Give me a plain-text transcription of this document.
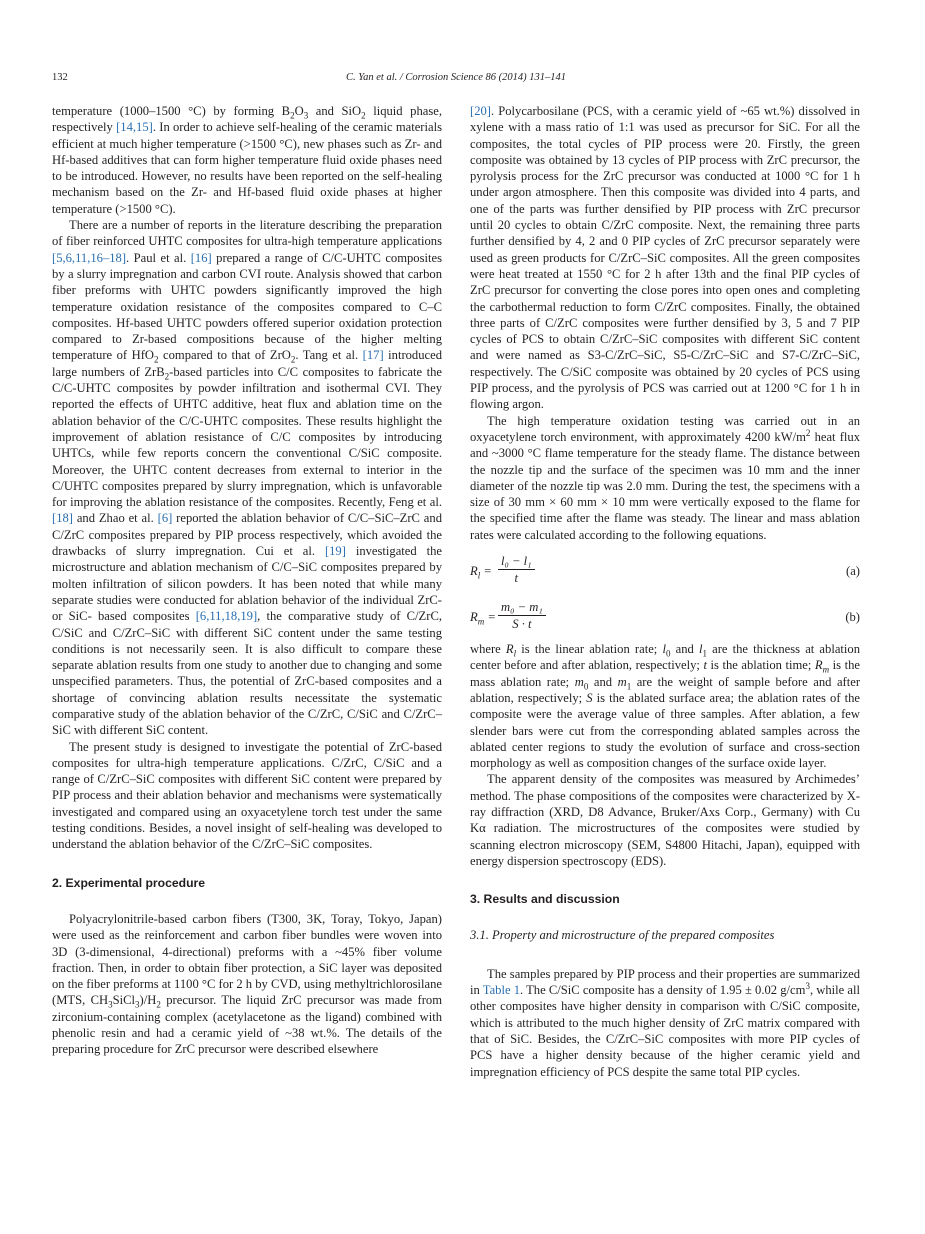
132	C. Yan et al. / Corrosion Science 86 (2014) 131–141

temperature (1000–1500 °C) by forming $B_2O_3$ and SiO$_2$ liquid phase, respectively [14,15]. In order to achieve self-healing of the ceramic materials efficient at much higher temperature (>1500 °C), new phases such as Zr- and Hf-based additives that can form higher temperature fluid oxide phases need to be introduced. However, no results have been reported on the self-healing mechanism based on the Zr- and Hf-based fluid oxide phases at higher temperature (>1500 °C).

There are a number of reports in the literature describing the preparation of fiber reinforced UHTC composites for ultra-high temperature applications [5,6,11,16–18]. Paul et al. [16] prepared a range of C/C-UHTC composites by a slurry impregnation and carbon CVI route. Analysis showed that carbon fiber preforms with UHTC powders significantly improved the high temperature oxidation resistance of the composites compared to C–C composites. Hf-based UHTC powders offered superior oxidation protection compared to Zr-based compositions because of the higher melting temperature of HfO$_2$ compared to that of ZrO$_2$. Tang et al. [17] introduced large numbers of ZrB$_2$-based particles into C/C composites to fabricate the C/C-UHTC composites by powder infiltration and isothermal CVI. They reported the effects of UHTC additive, heat flux and ablation time on the ablation behavior of the C/C-UHTC composites. These results highlight the improvement of ablation resistance of C/C composites by introducing UHTCs, while few reports concern the conventional C/SiC composite. Moreover, the UHTC content decreases from external to interior in the C/UHTC composites prepared by slurry impregnation, which is unfavorable for improving the ablation resistance of the composites. Recently, Feng et al. [18] and Zhao et al. [6] reported the ablation behavior of C/C–SiC–ZrC and C/ZrC composites prepared by PIP process respectively, which avoided the drawbacks of slurry impregnation. Cui et al. [19] investigated the microstructure and ablation mechanism of C/C–SiC composites prepared by molten infiltration of silicon powders. It has been noted that while many separate studies were conducted for ablation behavior of the individual ZrC- or SiC- based composites [6,11,18,19], the comparative study of C/ZrC, C/SiC and C/ZrC–SiC with different SiC content under the same testing conditions is not necessarily seen. It is also difficult to compare these separate ablation results from one study to another due to changing and some unspecified parameters. Thus, the potential of ZrC-based composites and a shortage of convincing ablation results necessitate the systematic comparative study of the ablation behavior of the C/ZrC, C/SiC and C/ZrC–SiC with different SiC content.

The present study is designed to investigate the potential of ZrC-based composites for ultra-high temperature applications. C/ZrC, C/SiC and a range of C/ZrC–SiC composites with different SiC content were prepared by PIP process and their ablation behavior and mechanisms were systematically investigated and compared using an oxyacetylene torch test under the same testing conditions. Besides, a novel insight of self-healing was developed to understand the ablation behavior of the C/ZrC–SiC composites.

2. Experimental procedure

Polyacrylonitrile-based carbon fibers (T300, 3K, Toray, Tokyo, Japan) were used as the reinforcement and carbon fiber bundles were woven into 3D (3-dimensional, 4-directional) preforms with a ~45% fiber volume fraction. Then, in order to obtain fiber protection, a SiC layer was deposited on the fiber preforms at 1100 °C for 2 h by CVD, using methyltrichlorosilane (MTS, $CH_3SiCl_3)/H_2$ precursor. The liquid ZrC precursor was made from zirconium-containing complex (acetylacetone as the ligand) combined with phenolic resin and had a ceramic yield of ~38 wt.%. The details of the preparing procedure for ZrC precursor were described elsewhere

[20]. Polycarbosilane (PCS, with a ceramic yield of ~65 wt.%) dissolved in xylene with a mass ratio of 1:1 was used as precursor for SiC. For all the composites, the total cycles of PIP process were 20. Firstly, the green composite was obtained by 13 cycles of PIP process with ZrC precursor, the pyrolysis process for the ZrC precursor was conducted at 1000 °C for 1 h under argon atmosphere. Then this composite was divided into 4 parts, and one of the parts was further densified by PIP process with ZrC precursor until 20 cycles to obtain C/ZrC composite. Next, the remaining three parts further densified by 4, 2 and 0 PIP cycles of ZrC precursor separately were used as green products for C/ZrC–SiC composites. All the green composites were heat treated at 1550 °C for 2 h after 13th and the final PIP cycles of ZrC precursor for converting the close pores into open ones and completing the carbothermal reduction to form C/ZrC composites. Finally, the obtained three parts of C/ZrC composites were further densified by 3, 5 and 7 PIP cycles of PCS to obtain C/ZrC–SiC composites with different SiC content and were named as S3-C/ZrC–SiC, S5-C/ZrC–SiC and S7-C/ZrC–SiC, respectively. The C/SiC composite was obtained by 20 cycles of PCS using PIP process, and the pyrolysis of PCS was carried out at 1200 °C for 1 h in flowing argon.

The high temperature oxidation testing was carried out in an oxyacetylene torch environment, with approximately 4200 $kW/m^2$ heat flux and ~3000 °C flame temperature for the steady flame. The distance between the nozzle tip and the surface of the specimen was 10 mm and the inner diameter of the nozzle tip was 2.0 mm. During the test, the specimens with a size of 30 mm × 60 mm × 10 mm were vertically exposed to the flame for the specified time after the flame was steady. The linear and mass ablation rates were calculated according to the following equations.

$R_l = \frac{\text{l₀ − l₁}}{t}$	(a)
$R_m = \frac{\text{m₀ − m₁}}{S \cdot t}$	(b)

where $R_l$ is the linear ablation rate; $l_0$ and $l_1$ are the thickness at ablation center before and after ablation, respectively; t is the ablation time; $R_m$ is the mass ablation rate; $m_0$ and $m_1$ are the weight of sample before and after ablation, respectively; S is the ablated surface area; the ablation rates of the composite were the average value of three samples. After ablation, a few slender bars were cut from the corresponding ablated samples across the ablated center regions to study the evolution of surface and cross-section morphology as well as composition changes of the surface oxide layer.

The apparent density of the composites was measured by Archimedes’ method. The phase compositions of the composites were characterized by X-ray diffraction (XRD, D8 Advance, Bruker/Axs Corp., Germany) with Cu Kα radiation. The microstructures of the composites were studied by scanning electron microscopy (SEM, S4800 Hitachi, Japan), equipped with energy dispersion spectroscopy (EDS).

3. Results and discussion
3.1. Property and microstructure of the prepared composites

The samples prepared by PIP process and their properties are summarized in Table 1. The C/SiC composite has a density of 1.95 ± 0.02 $g/cm^3$, while all other composites have higher density in comparison with C/SiC composite, which is attributed to the much higher density of ZrC matrix compared with that of SiC. Besides, the C/ZrC–SiC composites with more PIP cycles of PCS have a higher density because of the higher ceramic yield and impregnation efficiency of PCS despite the same total PIP cycles.
